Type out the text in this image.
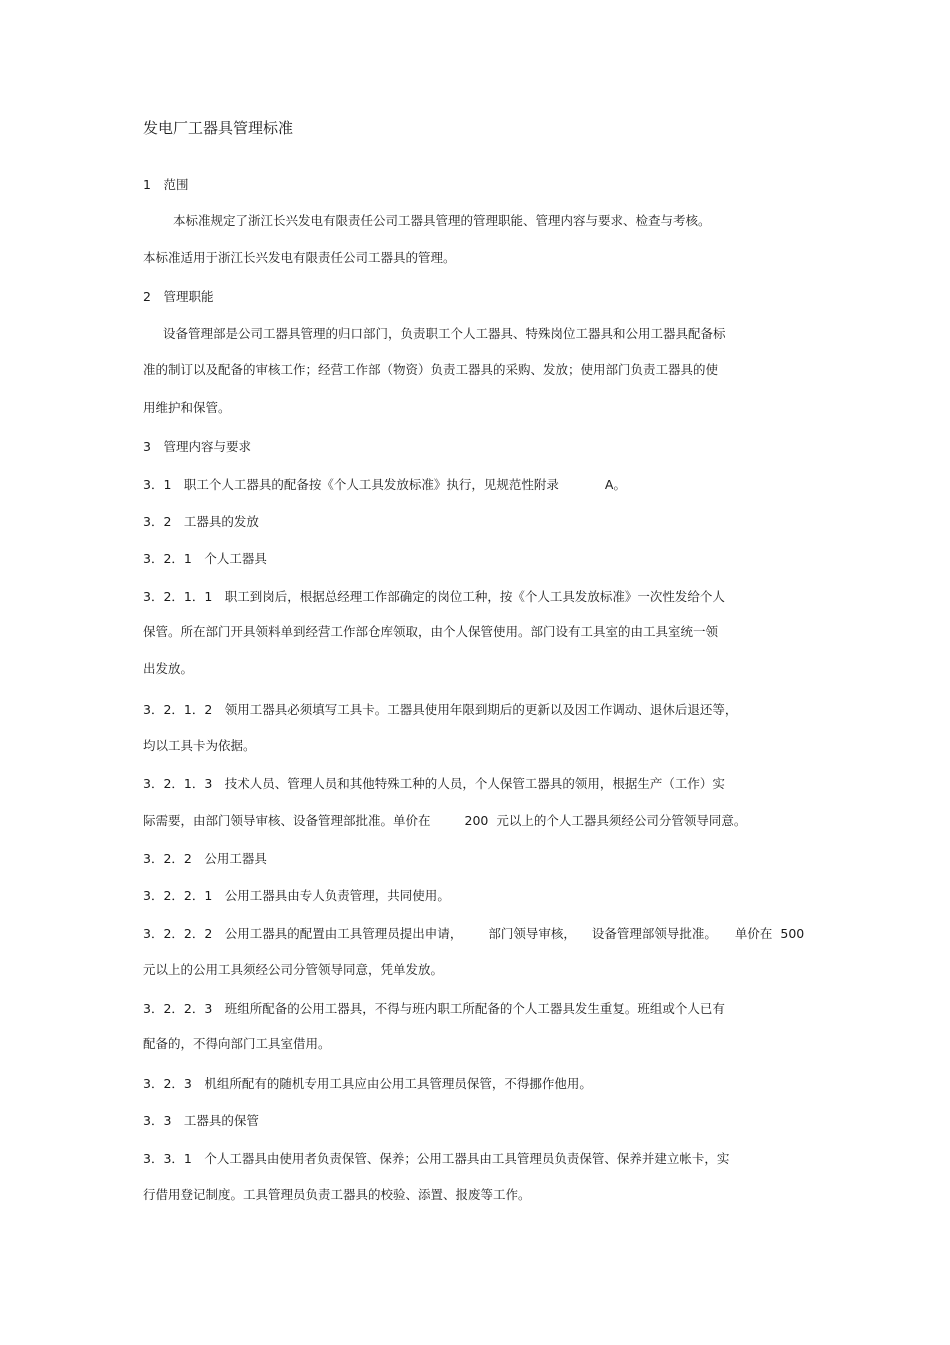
发电厂工器具管理标准
1　范围
本标准规定了浙江长兴发电有限责任公司工器具管理的管理职能、管理内容与要求、检查与考核。
本标准适用于浙江长兴发电有限责任公司工器具的管理。
2　管理职能
设备管理部是公司工器具管理的归口部门，负责职工个人工器具、特殊岗位工器具和公用工器具配备标
准的制订以及配备的审核工作；经营工作部（物资）负责工器具的采购、发放；使用部门负责工器具的使
用维护和保管。
3　管理内容与要求
3．1　职工个人工器具的配备按《个人工具发放标准》执行，见规范性附录	A。
3．2　工器具的发放
3．2．1　个人工器具
3．2．1．1　职工到岗后，根据总经理工作部确定的岗位工种，按《个人工具发放标准》一次性发给个人
保管。所在部门开具领料单到经营工作部仓库领取，由个人保管使用。部门设有工具室的由工具室统一领
出发放。
3．2．1．2　领用工器具必须填写工具卡。工器具使用年限到期后的更新以及因工作调动、退休后退还等，
均以工具卡为依据。
3．2．1．3　技术人员、管理人员和其他特殊工种的人员，个人保管工器具的领用，根据生产（工作）实
际需要，由部门领导审核、设备管理部批准。单价在	200 元以上的个人工器具须经公司分管领导同意。
3．2．2　公用工器具
3．2．2．1　公用工器具由专人负责管理，共同使用。
3．2．2．2　公用工器具的配置由工具管理员提出申请， 部门领导审核， 设备管理部领导批准。 单价在 500
元以上的公用工具须经公司分管领导同意，凭单发放。
3．2．2．3　班组所配备的公用工器具，不得与班内职工所配备的个人工器具发生重复。班组或个人已有
配备的，不得向部门工具室借用。
3．2．3　机组所配有的随机专用工具应由公用工具管理员保管，不得挪作他用。
3．3　工器具的保管
3．3．1　个人工器具由使用者负责保管、保养；公用工器具由工具管理员负责保管、保养并建立帐卡，实
行借用登记制度。工具管理员负责工器具的校验、添置、报废等工作。
